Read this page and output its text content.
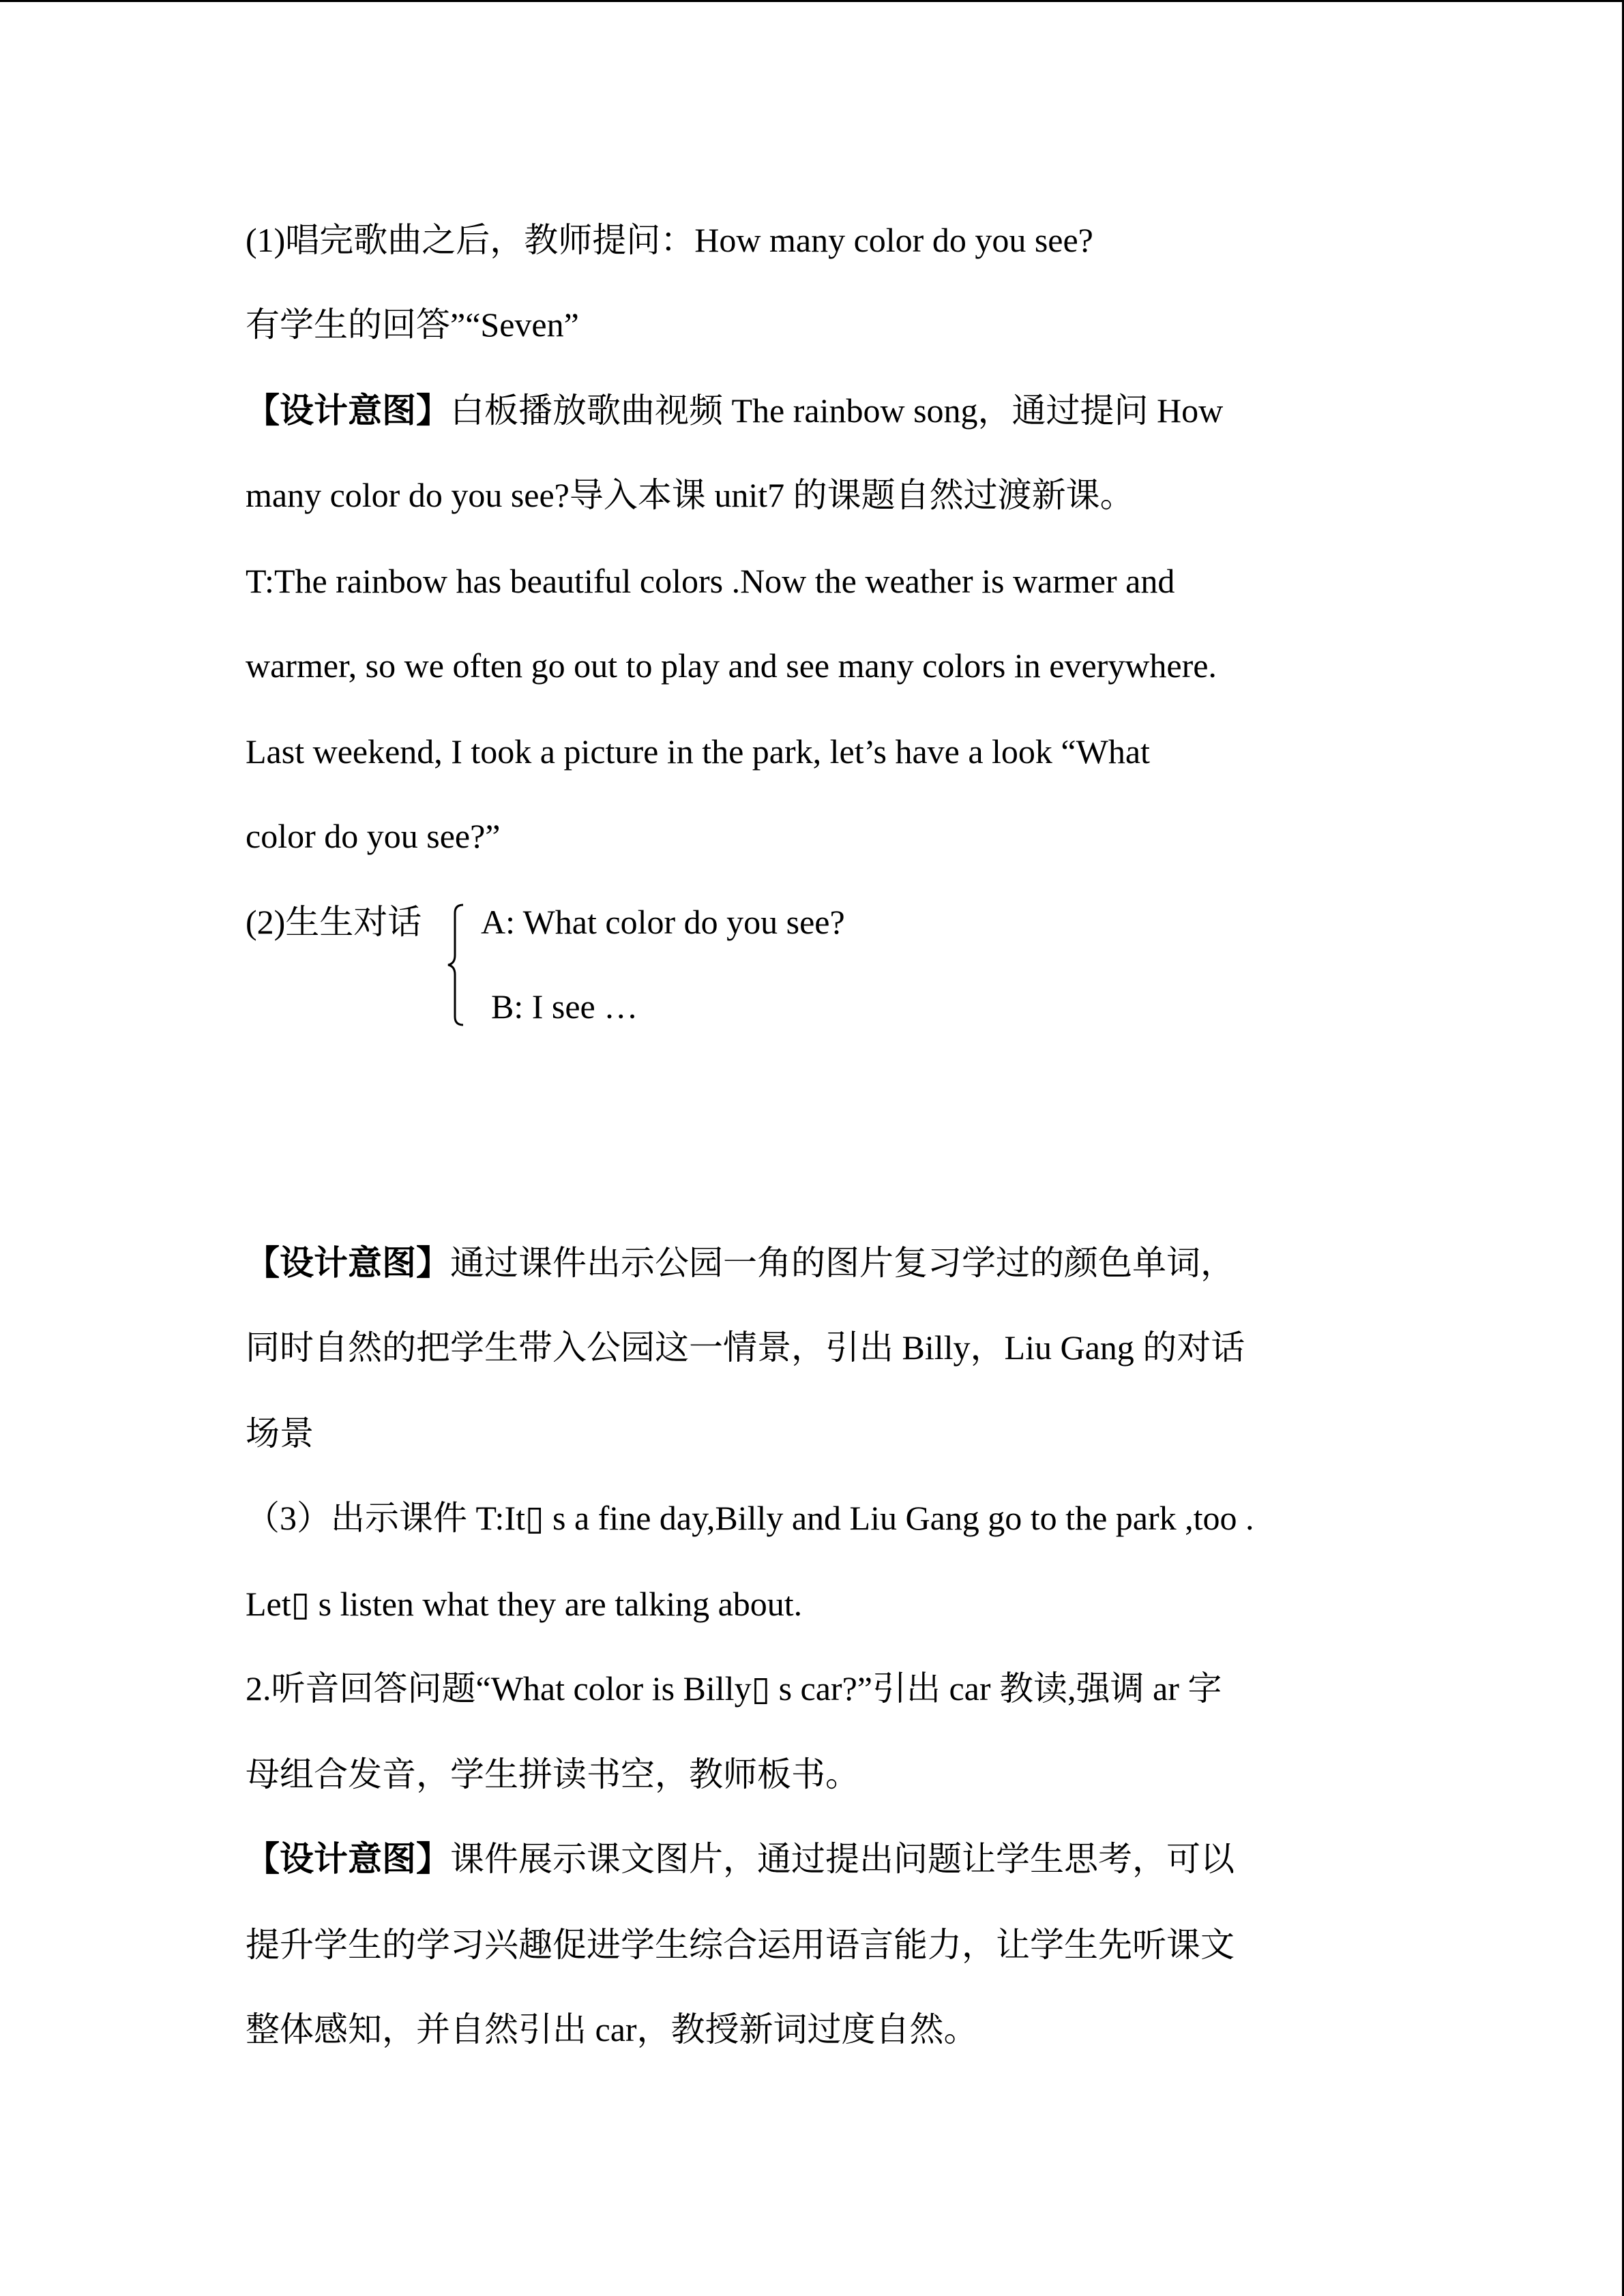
(1)唱完歌曲之后，教师提问：How many color do you see?
有学生的回答”“Seven”
【设计意图】白板播放歌曲视频 The rainbow song，通过提问 How
many color do you see?导入本课 unit7 的课题自然过渡新课。
T:The rainbow has beautiful colors .Now the weather is warmer and
warmer, so we often go out to play and see many colors in everywhere.
Last weekend, I took a picture in the park, let’s have a look “What
color do you see?”
(2)生生对话 A: What color do you see?
B: I see …
【设计意图】通过课件出示公园一角的图片复习学过的颜色单词，
同时自然的把学生带入公园这一情景，引出 Billy，Liu Gang 的对话
场景
（3）出示课件 T:It▯ s a fine day,Billy and Liu Gang go to the park ,too .
Let▯ s listen what they are talking about.
2.听音回答问题“What color is Billy▯ s car?”引出 car 教读,强调 ar 字
母组合发音，学生拼读书空，教师板书。
【设计意图】课件展示课文图片，通过提出问题让学生思考，可以
提升学生的学习兴趣促进学生综合运用语言能力，让学生先听课文
整体感知，并自然引出 car，教授新词过度自然。
